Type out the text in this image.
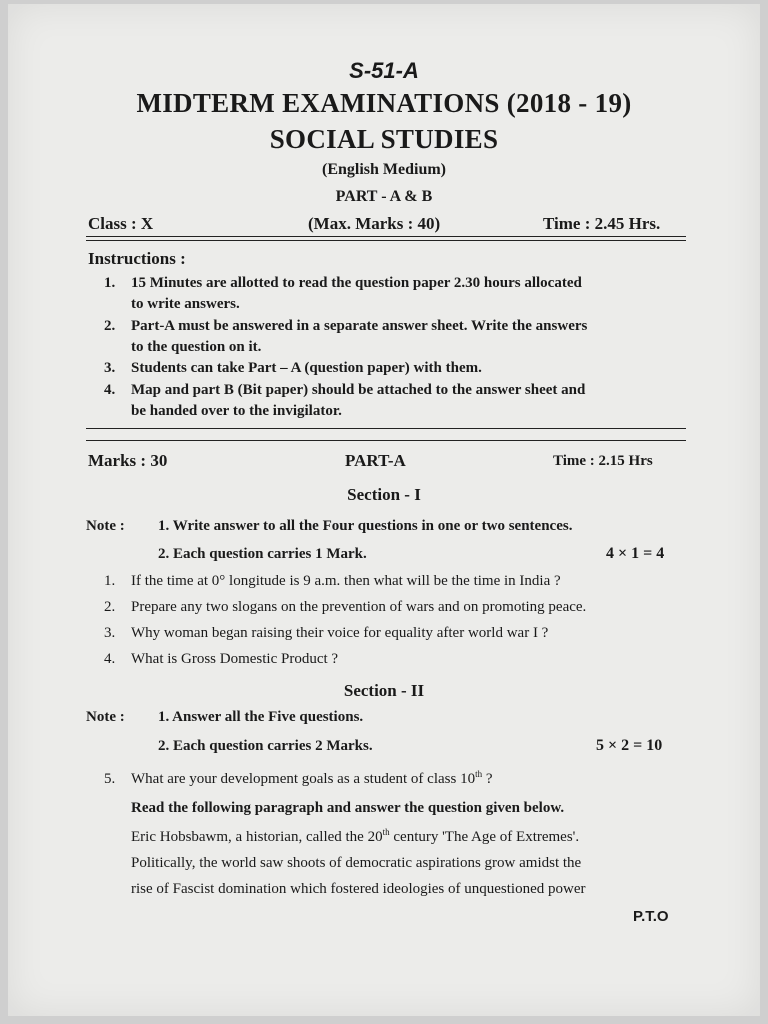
S-51-A
MIDTERM EXAMINATIONS (2018 - 19)
SOCIAL STUDIES
(English Medium)
PART - A & B
Class : X	(Max. Marks : 40)	Time : 2.45 Hrs.
Instructions :
1. 15 Minutes are allotted to read the question paper 2.30 hours allocated
to write answers.
2. Part-A must be answered in a separate answer sheet. Write the answers
to the question on it.
3. Students can take Part – A (question paper) with them.
4. Map and part B (Bit paper) should be attached to the answer sheet and
be handed over to the invigilator.
Marks : 30	PART-A	Time : 2.15 Hrs
Section - I
Note : 1. Write answer to all the Four questions in one or two sentences.
2. Each question carries 1 Mark.	4 × 1 = 4
1. If the time at 0° longitude is 9 a.m. then what will be the time in India ?
2. Prepare any two slogans on the prevention of wars and on promoting peace.
3. Why woman began raising their voice for equality after world war I ?
4. What is Gross Domestic Product ?
Section - II
Note : 1. Answer all the Five questions.
2. Each question carries 2 Marks.	5 × 2 = 10
5. What are your development goals as a student of class 10th ?
Read the following paragraph and answer the question given below.
Eric Hobsbawm, a historian, called the 20th century 'The Age of Extremes'.
Politically, the world saw shoots of democratic aspirations grow amidst the
rise of Fascist domination which fostered ideologies of unquestioned power
P.T.O
